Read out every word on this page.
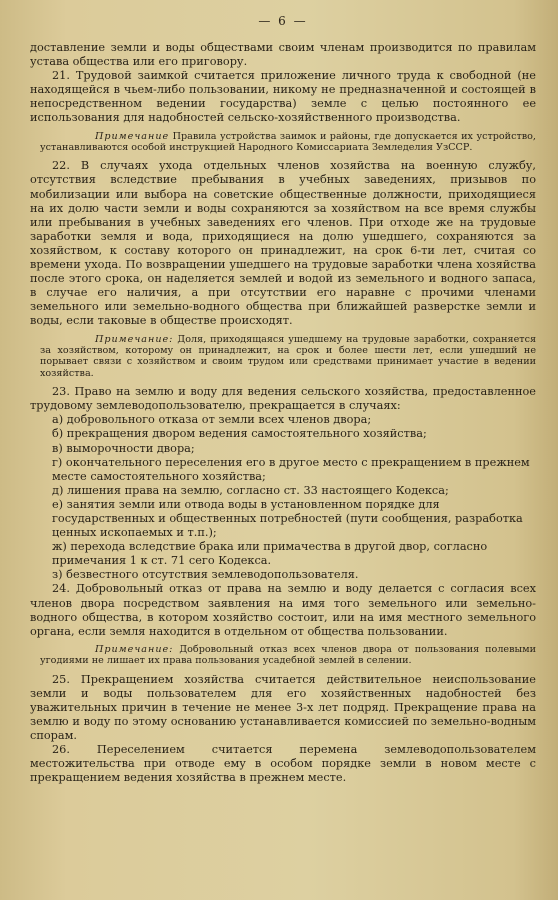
— 6 —

доставление земли и воды обществами своим членам производится по правилам устава общества или его приговору.

21. Трудовой заимкой считается приложение личного труда к свободной (не находящейся в чьем-либо пользовании, никому не предназначенной и состоящей в непосредственном ведении государства) земле с целью постоянного ее использования для надобностей сельско-хозяйственного производства.

Примечание Правила устройства заимок и районы, где допускается их устройство, устанавливаются особой инструкцией Народного Комиссариата Земледелия УзССР.

22. В случаях ухода отдельных членов хозяйства на военную службу, отсутствия вследствие пребывания в учебных заведениях, призывов по мобилизации или выбора на советские общественные должности, приходящиеся на их долю части земли и воды сохраняются за хозяйством на все время службы или пребывания в учебных заведениях его членов. При отходе же на трудовые заработки земля и вода, приходящиеся на долю ушедшего, сохраняются за хозяйством, к составу которого он принадлежит, на срок 6-ти лет, считая со времени ухода. По возвращении ушедшего на трудовые заработки члена хозяйства после этого срока, он наделяется землей и водой из земельного и водного запаса, в случае его наличия, а при отсутствии его наравне с прочими членами земельного или земельно-водного общества при ближайшей разверстке земли и воды, если таковые в обществе происходят.

Примечание: Доля, приходящаяся ушедшему на трудовые заработки, сохраняется за хозяйством, которому он принадлежит, на срок и более шести лет, если ушедший не порывает связи с хозяйством и своим трудом или средствами принимает участие в ведении хозяйства.

23. Право на землю и воду для ведения сельского хозяйства, предоставленное трудовому землеводопользователю, прекращается в случаях:

а) добровольного отказа от земли всех членов двора;

б) прекращения двором ведения самостоятельного хозяйства;

в) выморочности двора;

г) окончательного переселения его в другое место с прекращением в прежнем месте самостоятельного хозяйства;

д) лишения права на землю, согласно ст. 33 настоящего Кодекса;

е) занятия земли или отвода воды в установленном порядке для государственных и общественных потребностей (пути сообщения, разработка ценных ископаемых и т.п.);

ж) перехода вследствие брака или примачества в другой двор, согласно примечания 1 к ст. 71 сего Кодекса.

з) безвестного отсутствия землеводопользователя.

24. Добровольный отказ от права на землю и воду делается с согласия всех членов двора посредством заявления на имя того земельного или земельно-водного общества, в котором хозяйство состоит, или на имя местного земельного органа, если земля находится в отдельном от общества пользовании.

Примечание: Добровольный отказ всех членов двора от пользования полевыми угодиями не лишает их права пользования усадебной землей в селении.

25. Прекращением хозяйства считается действительное неиспользование земли и воды пользователем для его хозяйственных надобностей без уважительных причин в течение не менее 3-х лет подряд. Прекращение права на землю и воду по этому основанию устанавливается комиссией по земельно-водным спорам.

26. Переселением считается перемена землеводопользователем местожительства при отводе ему в особом порядке земли в новом месте с прекращением ведения хозяйства в прежнем месте.
